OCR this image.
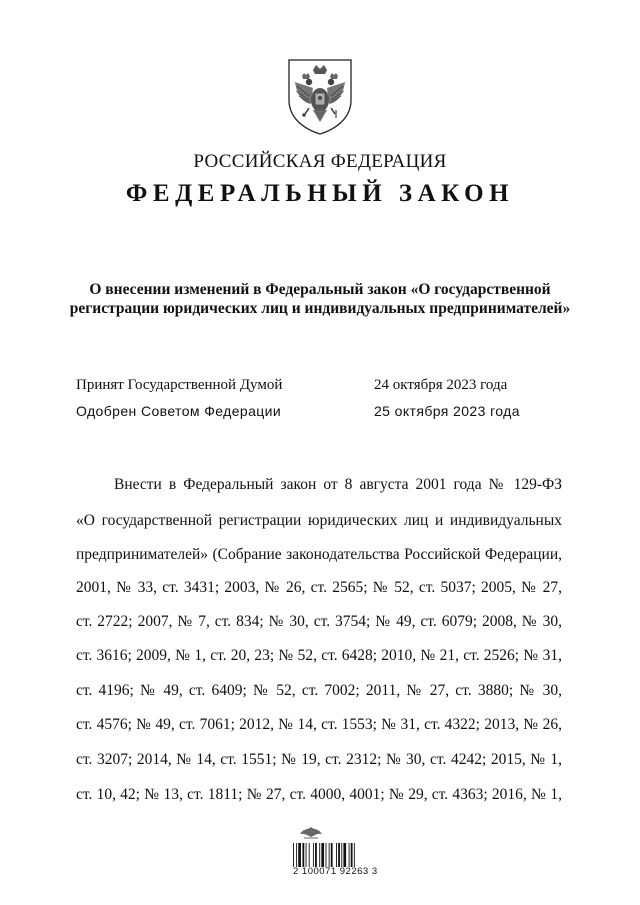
РОССИЙСКАЯ ФЕДЕРАЦИЯ
ФЕДЕРАЛЬНЫЙ ЗАКОН
О внесении изменений в Федеральный закон «О государственной
регистрации юридических лиц и индивидуальных предпринимателей»
Принят Государственной Думой	24 октября 2023 года
Одобрен Советом Федерации	25 октября 2023 года
Внести в Федеральный закон от 8 августа 2001 года № 129-ФЗ
«О государственной регистрации юридических лиц и индивидуальных
предпринимателей» (Собрание законодательства Российской Федерации,
2001, № 33, ст. 3431; 2003, № 26, ст. 2565; № 52, ст. 5037; 2005, № 27,
ст. 2722; 2007, № 7, ст. 834; № 30, ст. 3754; № 49, ст. 6079; 2008, № 30,
ст. 3616; 2009, № 1, ст. 20, 23; № 52, ст. 6428; 2010, № 21, ст. 2526; № 31,
ст. 4196; № 49, ст. 6409; № 52, ст. 7002; 2011, № 27, ст. 3880; № 30,
ст. 4576; № 49, ст. 7061; 2012, № 14, ст. 1553; № 31, ст. 4322; 2013, № 26,
ст. 3207; 2014, № 14, ст. 1551; № 19, ст. 2312; № 30, ст. 4242; 2015, № 1,
ст. 10, 42; № 13, ст. 1811; № 27, ст. 4000, 4001; № 29, ст. 4363; 2016, № 1,
2 100071 92263 3
